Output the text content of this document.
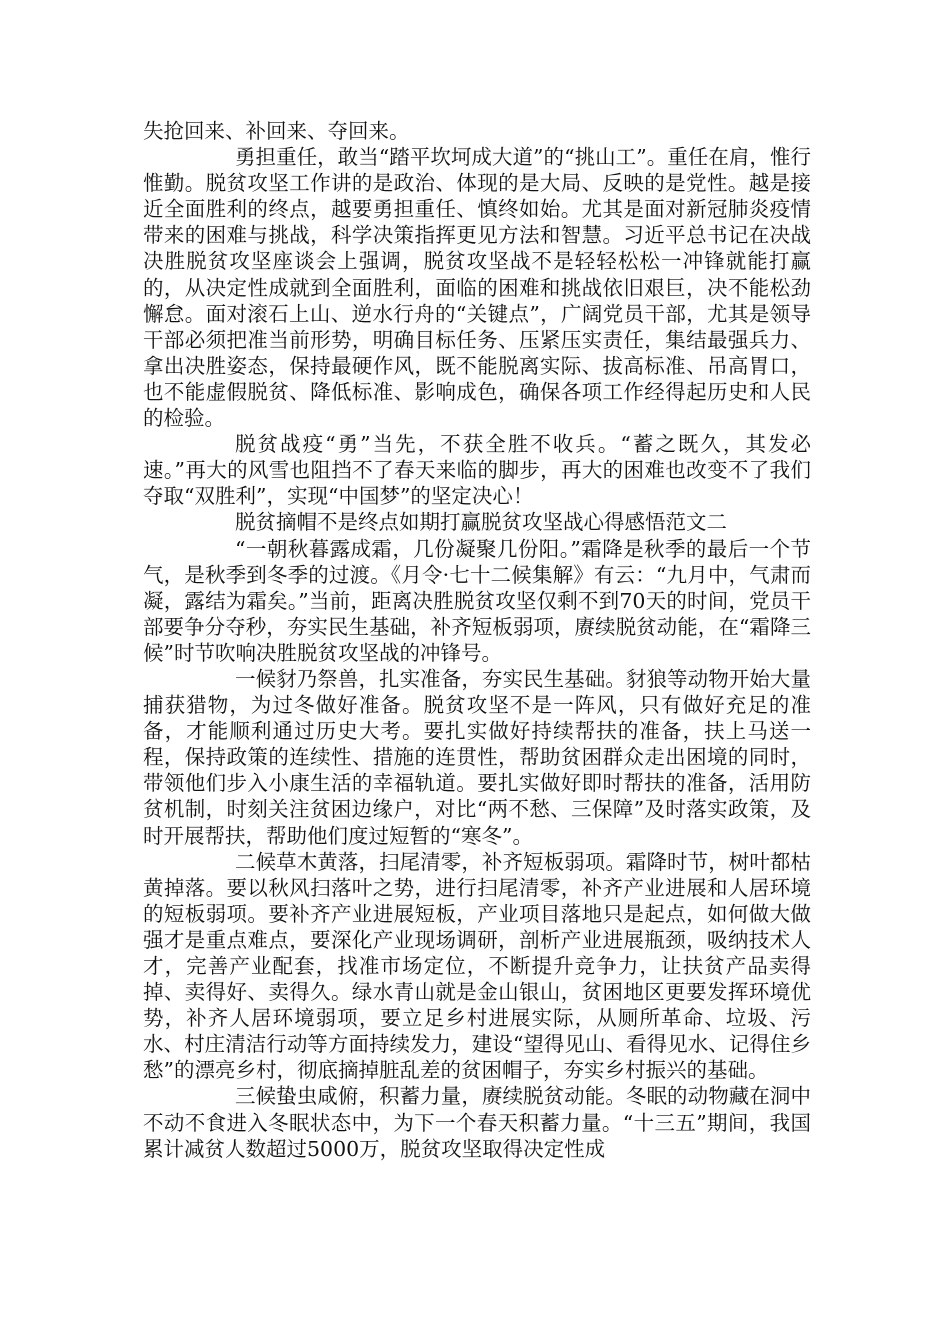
失抢回来、补回来、夺回来。

勇担重任，敢当“踏平坎坷成大道”的“挑山工”。重任在肩，惟行惟勤。脱贫攻坚工作讲的是政治、体现的是大局、反映的是党性。越是接近全面胜利的终点，越要勇担重任、慎终如始。尤其是面对新冠肺炎疫情带来的困难与挑战，科学决策指挥更见方法和智慧。习近平总书记在决战决胜脱贫攻坚座谈会上强调，脱贫攻坚战不是轻轻松松一冲锋就能打赢的，从决定性成就到全面胜利，面临的困难和挑战依旧艰巨，决不能松劲懈怠。面对滚石上山、逆水行舟的“关键点”，广阔党员干部，尤其是领导干部必须把准当前形势，明确目标任务、压紧压实责任，集结最强兵力、拿出决胜姿态，保持最硬作风，既不能脱离实际、拔高标准、吊高胃口，也不能虚假脱贫、降低标准、影响成色，确保各项工作经得起历史和人民的检验。

脱贫战疫“勇”当先，不获全胜不收兵。“蓄之既久，其发必速。”再大的风雪也阻挡不了春天来临的脚步，再大的困难也改变不了我们夺取“双胜利”，实现“中国梦”的坚定决心！

脱贫摘帽不是终点如期打赢脱贫攻坚战心得感悟范文二

“一朝秋暮露成霜，几份凝聚几份阳。”霜降是秋季的最后一个节气，是秋季到冬季的过渡。《月令·七十二候集解》有云：“九月中，气肃而凝，露结为霜矣。”当前，距离决胜脱贫攻坚仅剩不到70天的时间，党员干部要争分夺秒，夯实民生基础，补齐短板弱项，赓续脱贫动能，在“霜降三候”时节吹响决胜脱贫攻坚战的冲锋号。

一候豺乃祭兽，扎实准备，夯实民生基础。豺狼等动物开始大量捕获猎物，为过冬做好准备。脱贫攻坚不是一阵风，只有做好充足的准备，才能顺利通过历史大考。要扎实做好持续帮扶的准备，扶上马送一程，保持政策的连续性、措施的连贯性，帮助贫困群众走出困境的同时，带领他们步入小康生活的幸福轨道。要扎实做好即时帮扶的准备，活用防贫机制，时刻关注贫困边缘户，对比“两不愁、三保障”及时落实政策，及时开展帮扶，帮助他们度过短暂的“寒冬”。

二候草木黄落，扫尾清零，补齐短板弱项。霜降时节，树叶都枯黄掉落。要以秋风扫落叶之势，进行扫尾清零，补齐产业进展和人居环境的短板弱项。要补齐产业进展短板，产业项目落地只是起点，如何做大做强才是重点难点，要深化产业现场调研，剖析产业进展瓶颈，吸纳技术人才，完善产业配套，找准市场定位，不断提升竞争力，让扶贫产品卖得掉、卖得好、卖得久。绿水青山就是金山银山，贫困地区更要发挥环境优势，补齐人居环境弱项，要立足乡村进展实际，从厕所革命、垃圾、污水、村庄清洁行动等方面持续发力，建设“望得见山、看得见水、记得住乡愁”的漂亮乡村，彻底摘掉脏乱差的贫困帽子，夯实乡村振兴的基础。

三候蛰虫咸俯，积蓄力量，赓续脱贫动能。冬眠的动物藏在洞中不动不食进入冬眠状态中，为下一个春天积蓄力量。“十三五”期间，我国累计减贫人数超过5000万，脱贫攻坚取得决定性成
